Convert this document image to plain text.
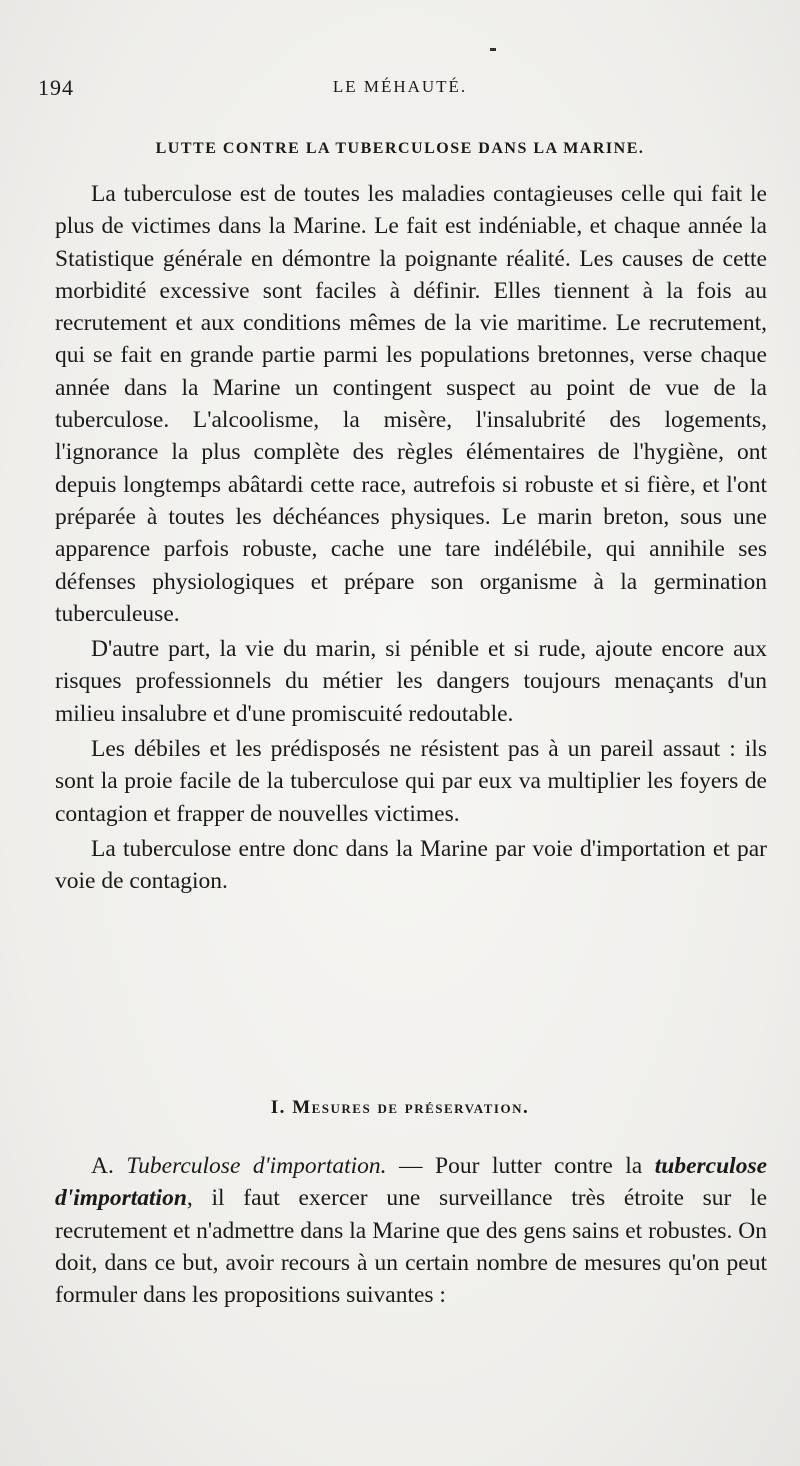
194	LE MÉHAUTÉ.
LUTTE CONTRE LA TUBERCULOSE DANS LA MARINE.

La tuberculose est de toutes les maladies contagieuses celle qui fait le plus de victimes dans la Marine. Le fait est indéniable, et chaque année la Statistique générale en démontre la poignante réalité. Les causes de cette morbidité excessive sont faciles à définir. Elles tiennent à la fois au recrutement et aux conditions mêmes de la vie maritime. Le recrutement, qui se fait en grande partie parmi les populations bretonnes, verse chaque année dans la Marine un contingent suspect au point de vue de la tuberculose. L'alcoolisme, la misère, l'insalubrité des logements, l'ignorance la plus complète des règles élémentaires de l'hygiène, ont depuis longtemps abâtardi cette race, autrefois si robuste et si fière, et l'ont préparée à toutes les déchéances physiques. Le marin breton, sous une apparence parfois robuste, cache une tare indélébile, qui annihile ses défenses physiologiques et prépare son organisme à la germination tuberculeuse.

D'autre part, la vie du marin, si pénible et si rude, ajoute encore aux risques professionnels du métier les dangers toujours menaçants d'un milieu insalubre et d'une promiscuité redoutable.

Les débiles et les prédisposés ne résistent pas à un pareil assaut : ils sont la proie facile de la tuberculose qui par eux va multiplier les foyers de contagion et frapper de nouvelles victimes.

La tuberculose entre donc dans la Marine par voie d'importation et par voie de contagion.

I. Mesures de préservation.

A. Tuberculose d'importation. — Pour lutter contre la tuberculose d'importation, il faut exercer une surveillance très étroite sur le recrutement et n'admettre dans la Marine que des gens sains et robustes. On doit, dans ce but, avoir recours à un certain nombre de mesures qu'on peut formuler dans les propositions suivantes :
